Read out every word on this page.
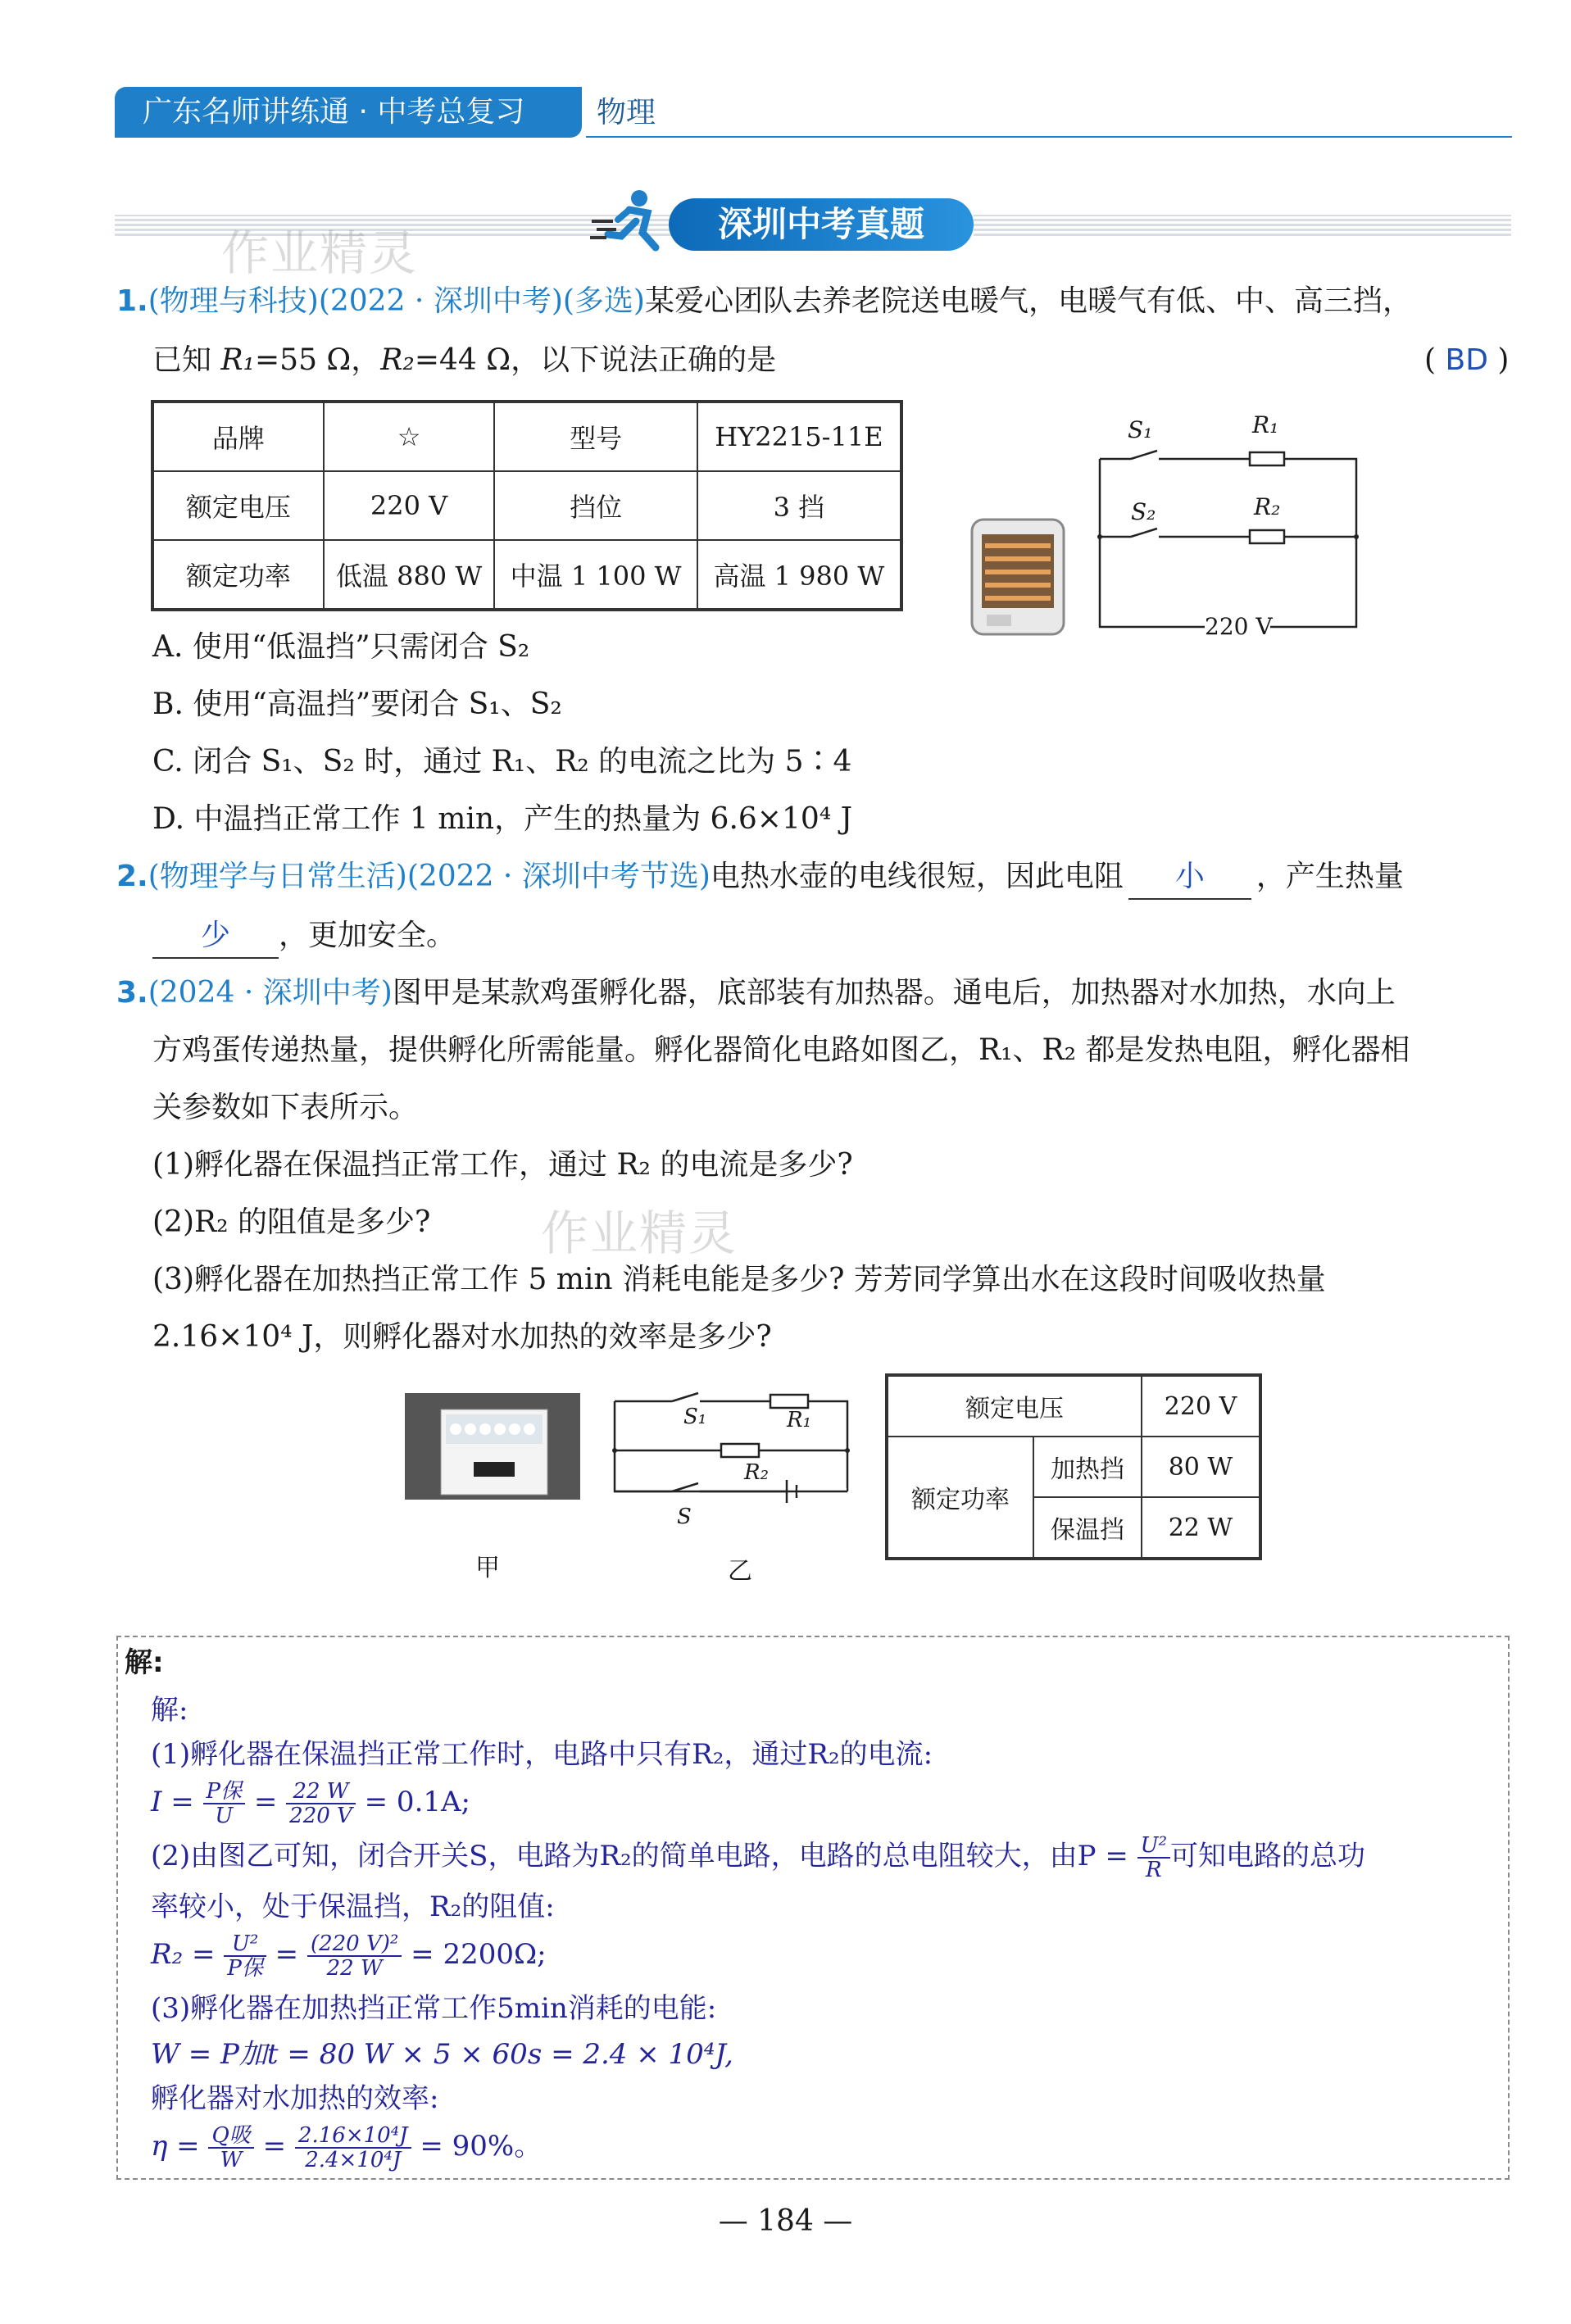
广东名师讲练通 · 中考总复习	物理
深圳中考真题
作业精灵
1.(物理与科技)(2022 · 深圳中考)(多选)某爱心团队去养老院送电暖气，电暖气有低、中、高三挡，
已知 R₁=55 Ω，R₂=44 Ω，以下说法正确的是	( BD )
品牌	☆	型号	HY2215-11E
额定电压	220 V	挡位	3 挡
额定功率	低温 880 W	中温 1 100 W	高温 1 980 W
S₁	R₁
S₂	R₂
220 V
A. 使用“低温挡”只需闭合 S₂
B. 使用“高温挡”要闭合 S₁、S₂
C. 闭合 S₁、S₂ 时，通过 R₁、R₂ 的电流之比为 5∶4
D. 中温挡正常工作 1 min，产生的热量为 6.6×10⁴ J
2.(物理学与日常生活)(2022 · 深圳中考节选)电热水壶的电线很短，因此电阻 小 ，产生热量
少 ，更加安全。
3.(2024 · 深圳中考)图甲是某款鸡蛋孵化器，底部装有加热器。通电后，加热器对水加热，水向上
方鸡蛋传递热量，提供孵化所需能量。孵化器简化电路如图乙，R₁、R₂ 都是发热电阻，孵化器相
关参数如下表所示。
(1)孵化器在保温挡正常工作，通过 R₂ 的电流是多少?
(2)R₂ 的阻值是多少? 作业精灵
(3)孵化器在加热挡正常工作 5 min 消耗电能是多少? 芳芳同学算出水在这段时间吸收热量
2.16×10⁴ J，则孵化器对水加热的效率是多少?
甲
S₁	R₁
R₂
S
乙
额定电压		220 V
额定功率	加热挡	80 W
	保温挡	22 W
解:
解:
(1)孵化器在保温挡正常工作时，电路中只有R₂，通过R₂的电流:
$I = \frac{\text{P保}}{U} = \frac{22 W}{220 V} = 0.1A$;
(2)由图乙可知，闭合开关S，电路为R₂的简单电路，电路的总电阻较大，由$P = \frac{\text{U²}}{R}$ 可知电路的总功
率较小，处于保温挡，R₂的阻值:
$R_2 = \frac{\text{U²}}{\text{P保}} = \frac{\text{(220 V)²}}{22 W} = 2200\Omega$;
(3)孵化器在加热挡正常工作5min消耗的电能:
W = P加t = 80 W × 5 × 60s = 2.4 × 10⁴J,
孵化器对水加热的效率:
$\eta = \frac{\text{Q吸}}{W} = \frac{\text{2.16×10⁴J}}{\text{2.4×10⁴J}} = 90\%$。
— 184 —
